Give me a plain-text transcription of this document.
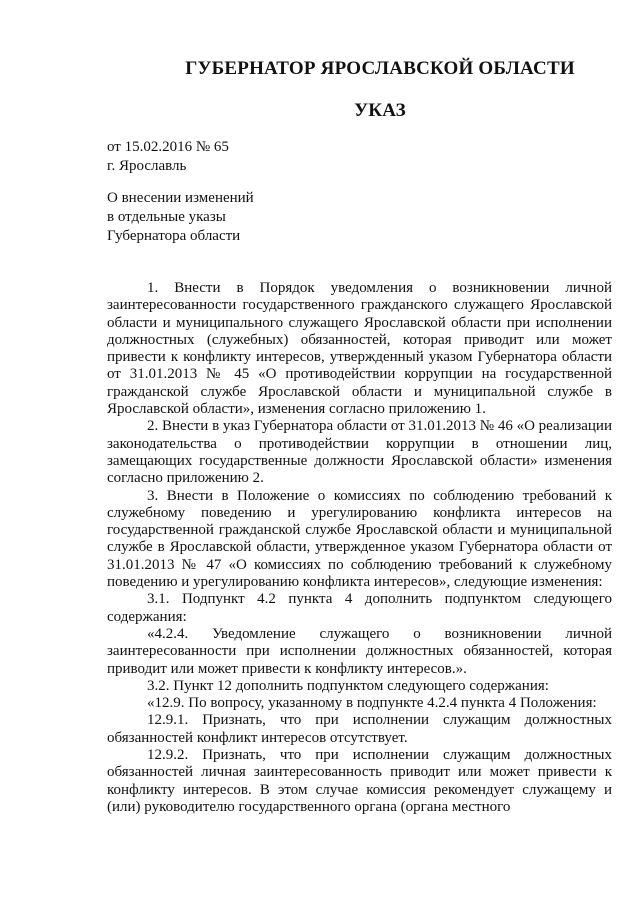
ГУБЕРНАТОР ЯРОСЛАВСКОЙ ОБЛАСТИ
УКАЗ
от 15.02.2016 № 65
г. Ярославль
О внесении изменений
в отдельные указы
Губернатора области

1. Внести в Порядок уведомления о возникновении личной заинтересованности государственного гражданского служащего Ярославской области и муниципального служащего Ярославской области при исполнении должностных (служебных) обязанностей, которая приводит или может привести к конфликту интересов, утвержденный указом Губернатора области от 31.01.2013 № 45 «О противодействии коррупции на государственной гражданской службе Ярославской области и муниципальной службе в Ярославской области», изменения согласно приложению 1.

2. Внести в указ Губернатора области от 31.01.2013 № 46 «О реализации законодательства о противодействии коррупции в отношении лиц, замещающих государственные должности Ярославской области» изменения согласно приложению 2.

3. Внести в Положение о комиссиях по соблюдению требований к служебному поведению и урегулированию конфликта интересов на государственной гражданской службе Ярославской области и муниципальной службе в Ярославской области, утвержденное указом Губернатора области от 31.01.2013 № 47 «О комиссиях по соблюдению требований к служебному поведению и урегулированию конфликта интересов», следующие изменения:

3.1. Подпункт 4.2 пункта 4 дополнить подпунктом следующего содержания:

«4.2.4. Уведомление служащего о возникновении личной заинтересованности при исполнении должностных обязанностей, которая приводит или может привести к конфликту интересов.».

3.2. Пункт 12 дополнить подпунктом следующего содержания:

«12.9. По вопросу, указанному в подпункте 4.2.4 пункта 4 Положения:

12.9.1. Признать, что при исполнении служащим должностных обязанностей конфликт интересов отсутствует.

12.9.2. Признать, что при исполнении служащим должностных обязанностей личная заинтересованность приводит или может привести к конфликту интересов. В этом случае комиссия рекомендует служащему и (или) руководителю государственного органа (органа местного
